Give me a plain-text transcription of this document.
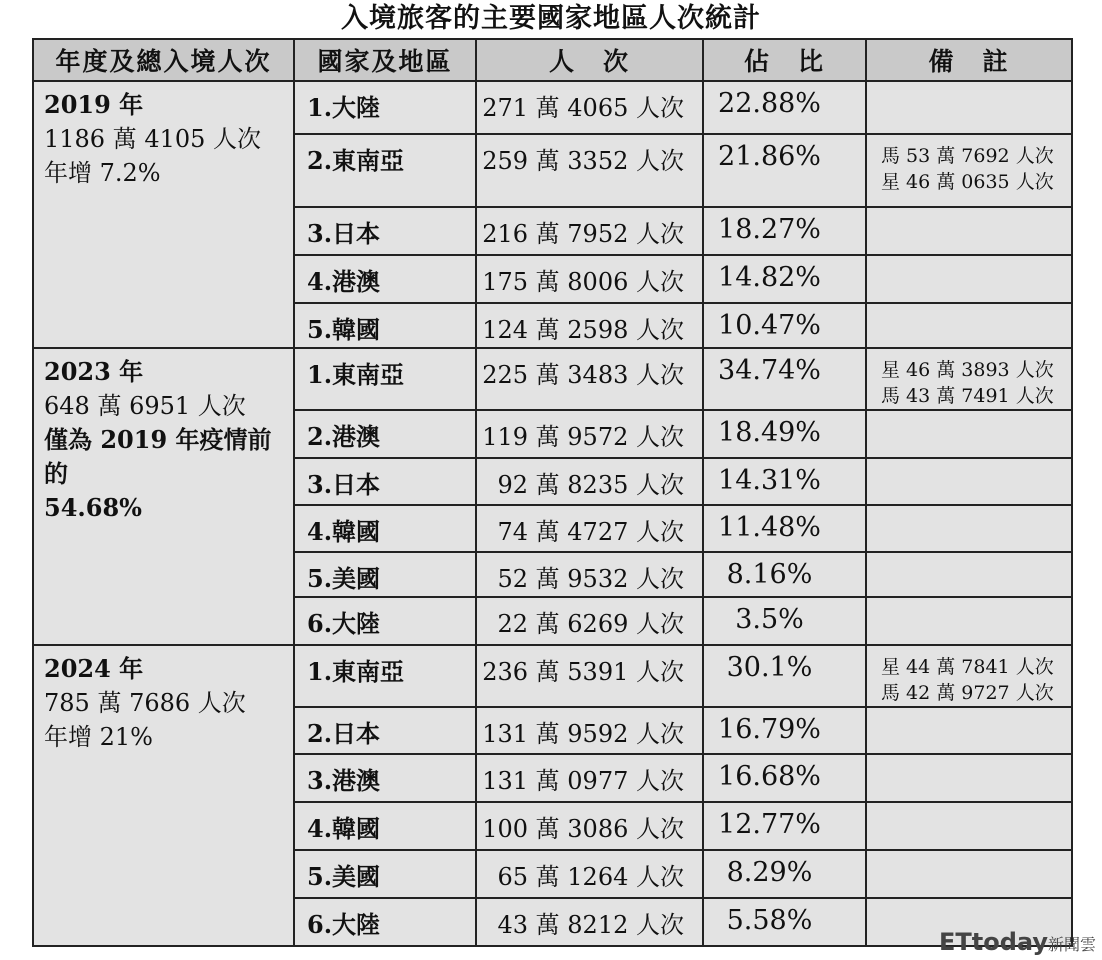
入境旅客的主要國家地區人次統計
年度及總入境人次	國家及地區	人　次	佔　比	備　註

2019 年
1186 萬 4105 人次
年增 7.2%	1.大陸	271 萬 4065 人次	22.88%	
	2.東南亞	259 萬 3352 人次	21.86%	馬 53 萬 7692 人次
星 46 萬 0635 人次

	3.日本	216 萬 7952 人次	18.27%	
	4.港澳	175 萬 8006 人次	14.82%	
	5.韓國	124 萬 2598 人次	10.47%	

2023 年
648 萬 6951 人次
僅為 2019 年疫情前的
54.68%	1.東南亞	225 萬 3483 人次	34.74%	星 46 萬 3893 人次
馬 43 萬 7491 人次

	2.港澳	119 萬 9572 人次	18.49%	
	3.日本	92 萬 8235 人次	14.31%	
	4.韓國	74 萬 4727 人次	11.48%	
	5.美國	52 萬 9532 人次	8.16%	
	6.大陸	22 萬 6269 人次	3.5%	

2024 年
785 萬 7686 人次
年增 21%	1.東南亞	236 萬 5391 人次	30.1%	星 44 萬 7841 人次
馬 42 萬 9727 人次

	2.日本	131 萬 9592 人次	16.79%	
	3.港澳	131 萬 0977 人次	16.68%	
	4.韓國	100 萬 3086 人次	12.77%	
	5.美國	65 萬 1264 人次	8.29%	
	6.大陸	43 萬 8212 人次	5.58%	
ETtoday新聞雲
